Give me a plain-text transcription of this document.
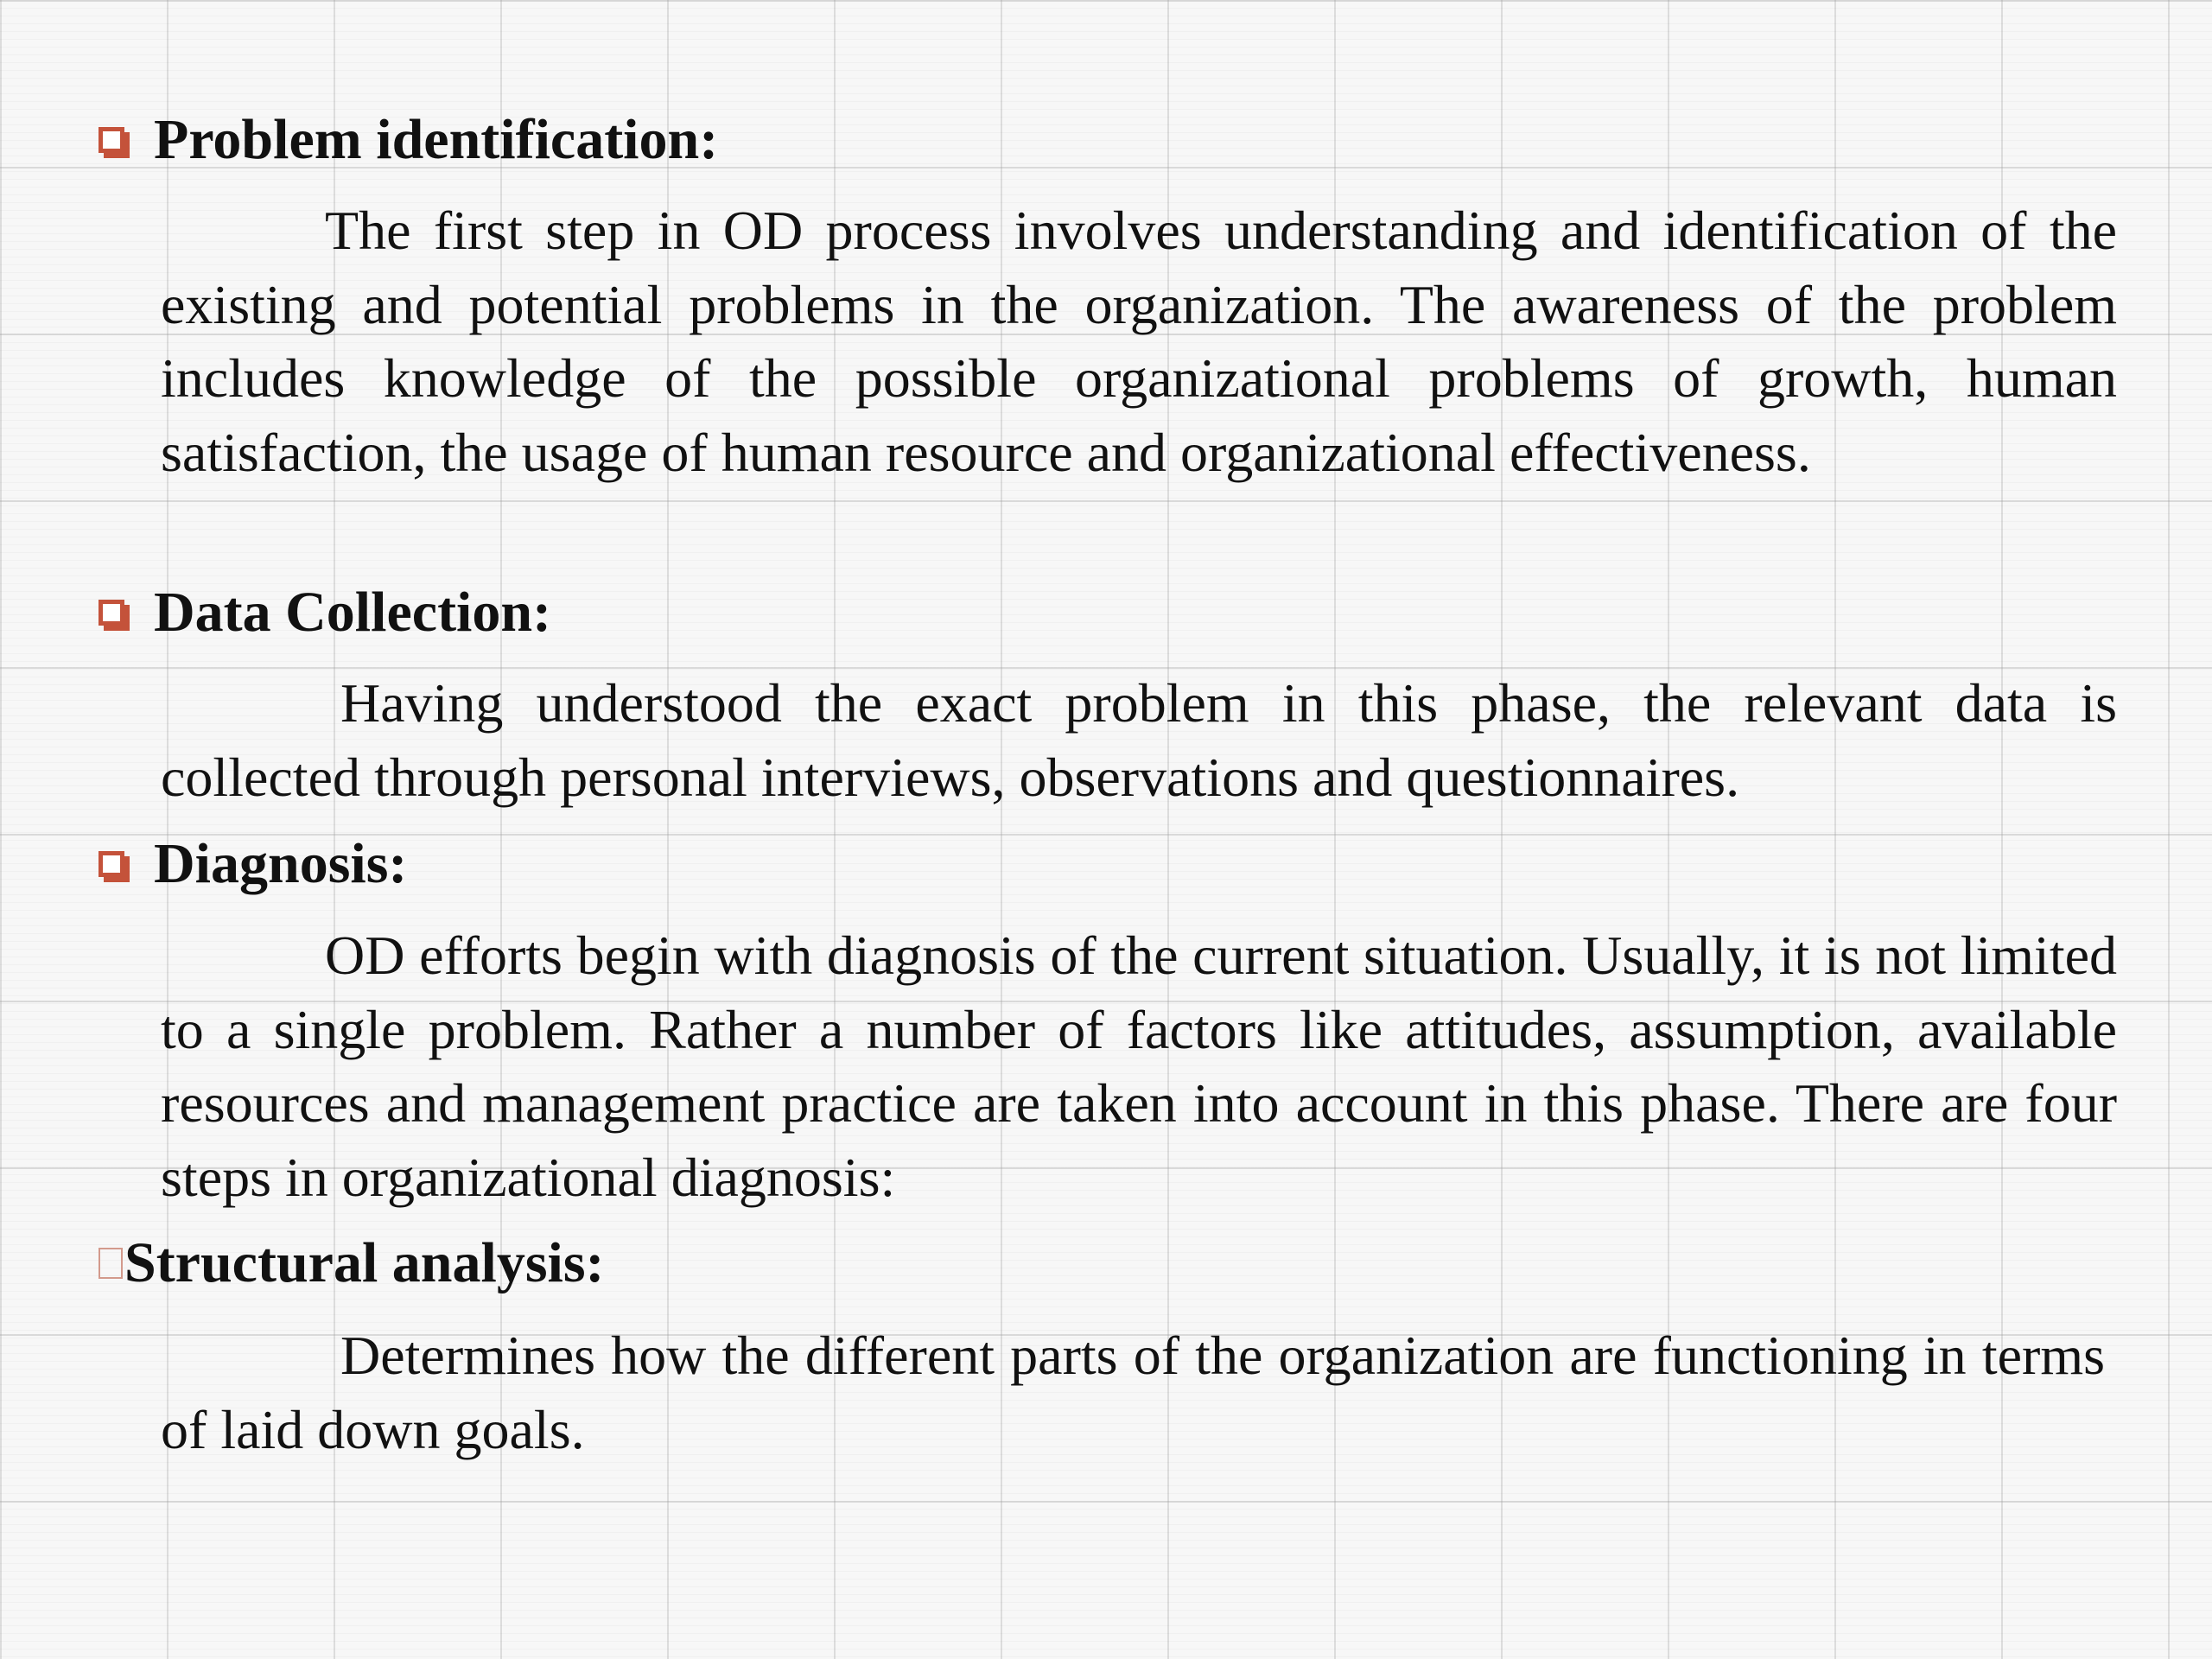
Problem identification:

The first step in OD process involves understanding and identification of the existing and potential problems in the organization. The awareness of the problem includes knowledge of the possible organizational problems of growth, human satisfaction, the usage of human resource and organizational effectiveness.

Data Collection:

Having understood the exact problem in this phase, the relevant data is collected through personal interviews, observations and questionnaires.

Diagnosis:

OD efforts begin with diagnosis of the current situation. Usually, it is not limited to a single problem. Rather a number of factors like attitudes, assumption, available resources and management practice are taken into account in this phase. There are four steps in organizational diagnosis:

Structural analysis:

Determines how the different parts of the organization are functioning in terms of laid down goals.
